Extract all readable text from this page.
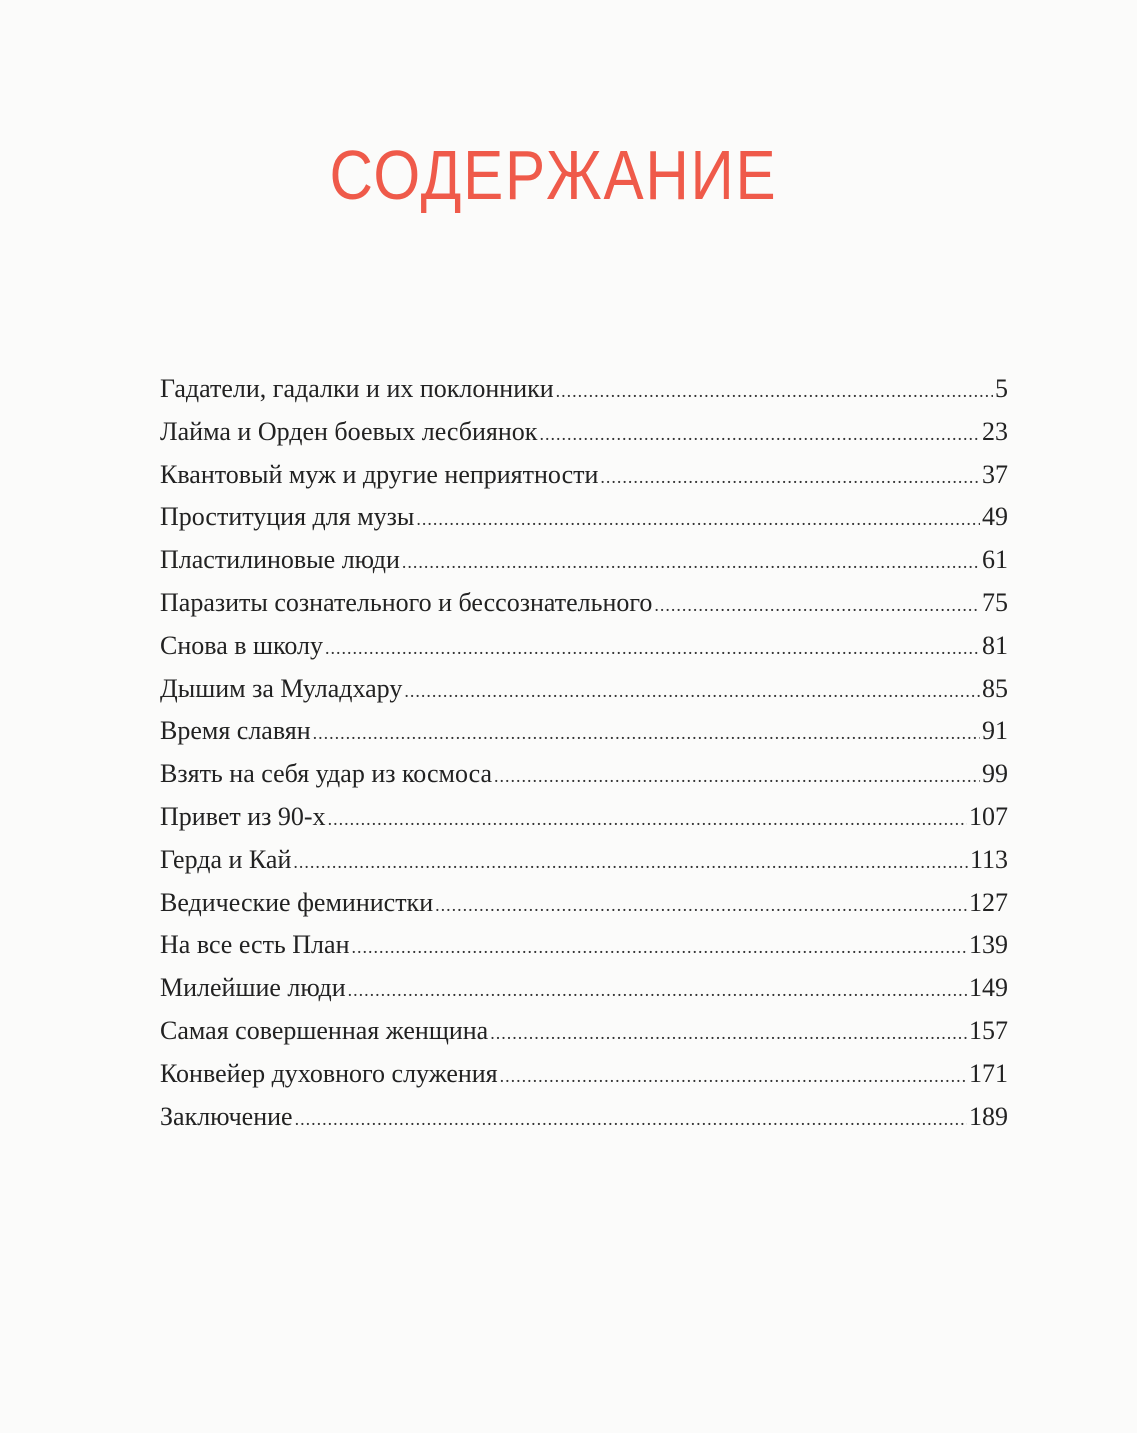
СОДЕРЖАНИЕ
Гадатели, гадалки и их поклонники .....	5
Лайма и Орден боевых лесбиянок .....	23
Квантовый муж и другие неприятности .....	37
Проституция для музы .....	49
Пластилиновые люди .....	61
Паразиты сознательного и бессознательного .....	75
Снова в школу .....	81
Дышим за Муладхару .....	85
Время славян .....	91
Взять на себя удар из космоса .....	99
Привет из 90-х .....	107
Герда и Кай .....	113
Ведические феминистки .....	127
На все есть План .....	139
Милейшие люди .....	149
Самая совершенная женщина .....	157
Конвейер духовного служения .....	171
Заключение .....	189
